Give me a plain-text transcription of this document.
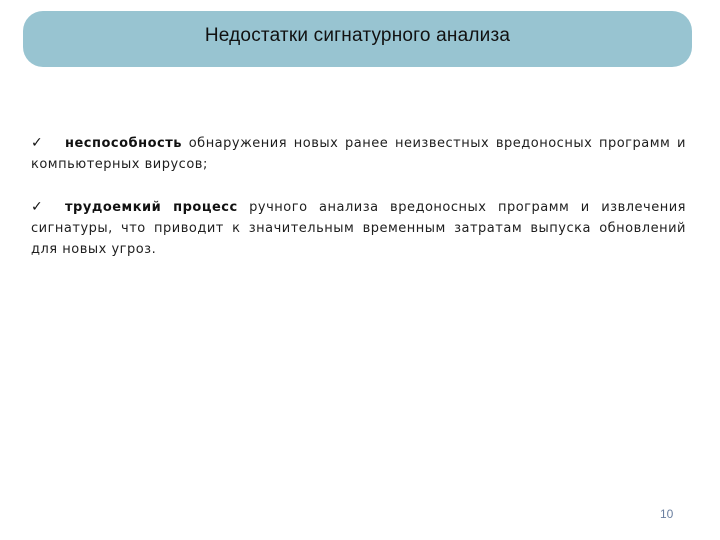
Недостатки сигнатурного анализа

✓ неспособность обнаружения новых ранее неизвестных вредоносных программ и компьютерных вирусов;

✓ трудоемкий процесс ручного анализа вредоносных программ и извлечения сигнатуры, что приводит к значительным временным затратам выпуска обновлений для новых угроз.

10
